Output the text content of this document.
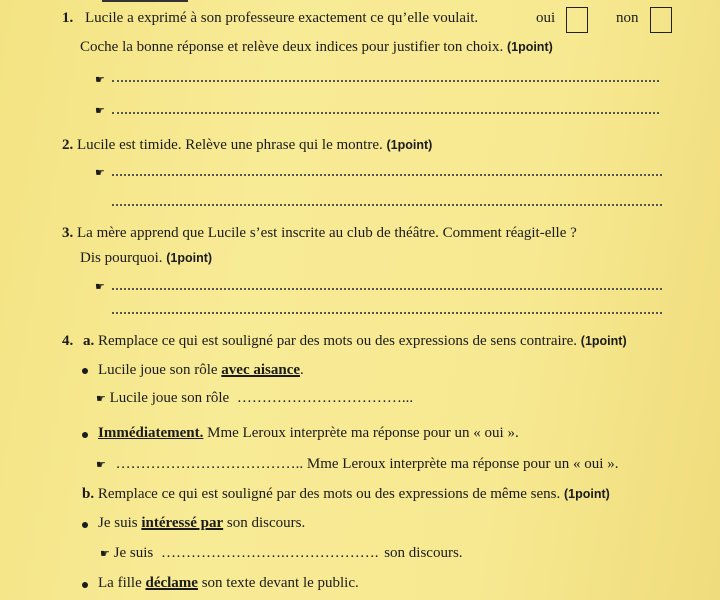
1. Lucile a exprimé à son professeure exactement ce qu’elle voulait.	oui	non
Coche la bonne réponse et relève deux indices pour justifier ton choix. (1point)
☛
☛
2. Lucile est timide. Relève une phrase qui le montre. (1point)
☛
3. La mère apprend que Lucile s’est inscrite au club de théâtre. Comment réagit-elle ?
Dis pourquoi. (1point)
☛
4. a. Remplace ce qui est souligné par des mots ou des expressions de sens contraire. (1point)
Lucile joue son rôle avec aisance.
☛ Lucile joue son rôle ……………………………...
Immédiatement. Mme Leroux interprète ma réponse pour un « oui ».
☛ ……………………………….. Mme Leroux interprète ma réponse pour un « oui ».
b. Remplace ce qui est souligné par des mots ou des expressions de même sens. (1point)
Je suis intéressé par son discours.
☛ Je suis …………………….………………. son discours.
La fille déclame son texte devant le public.
